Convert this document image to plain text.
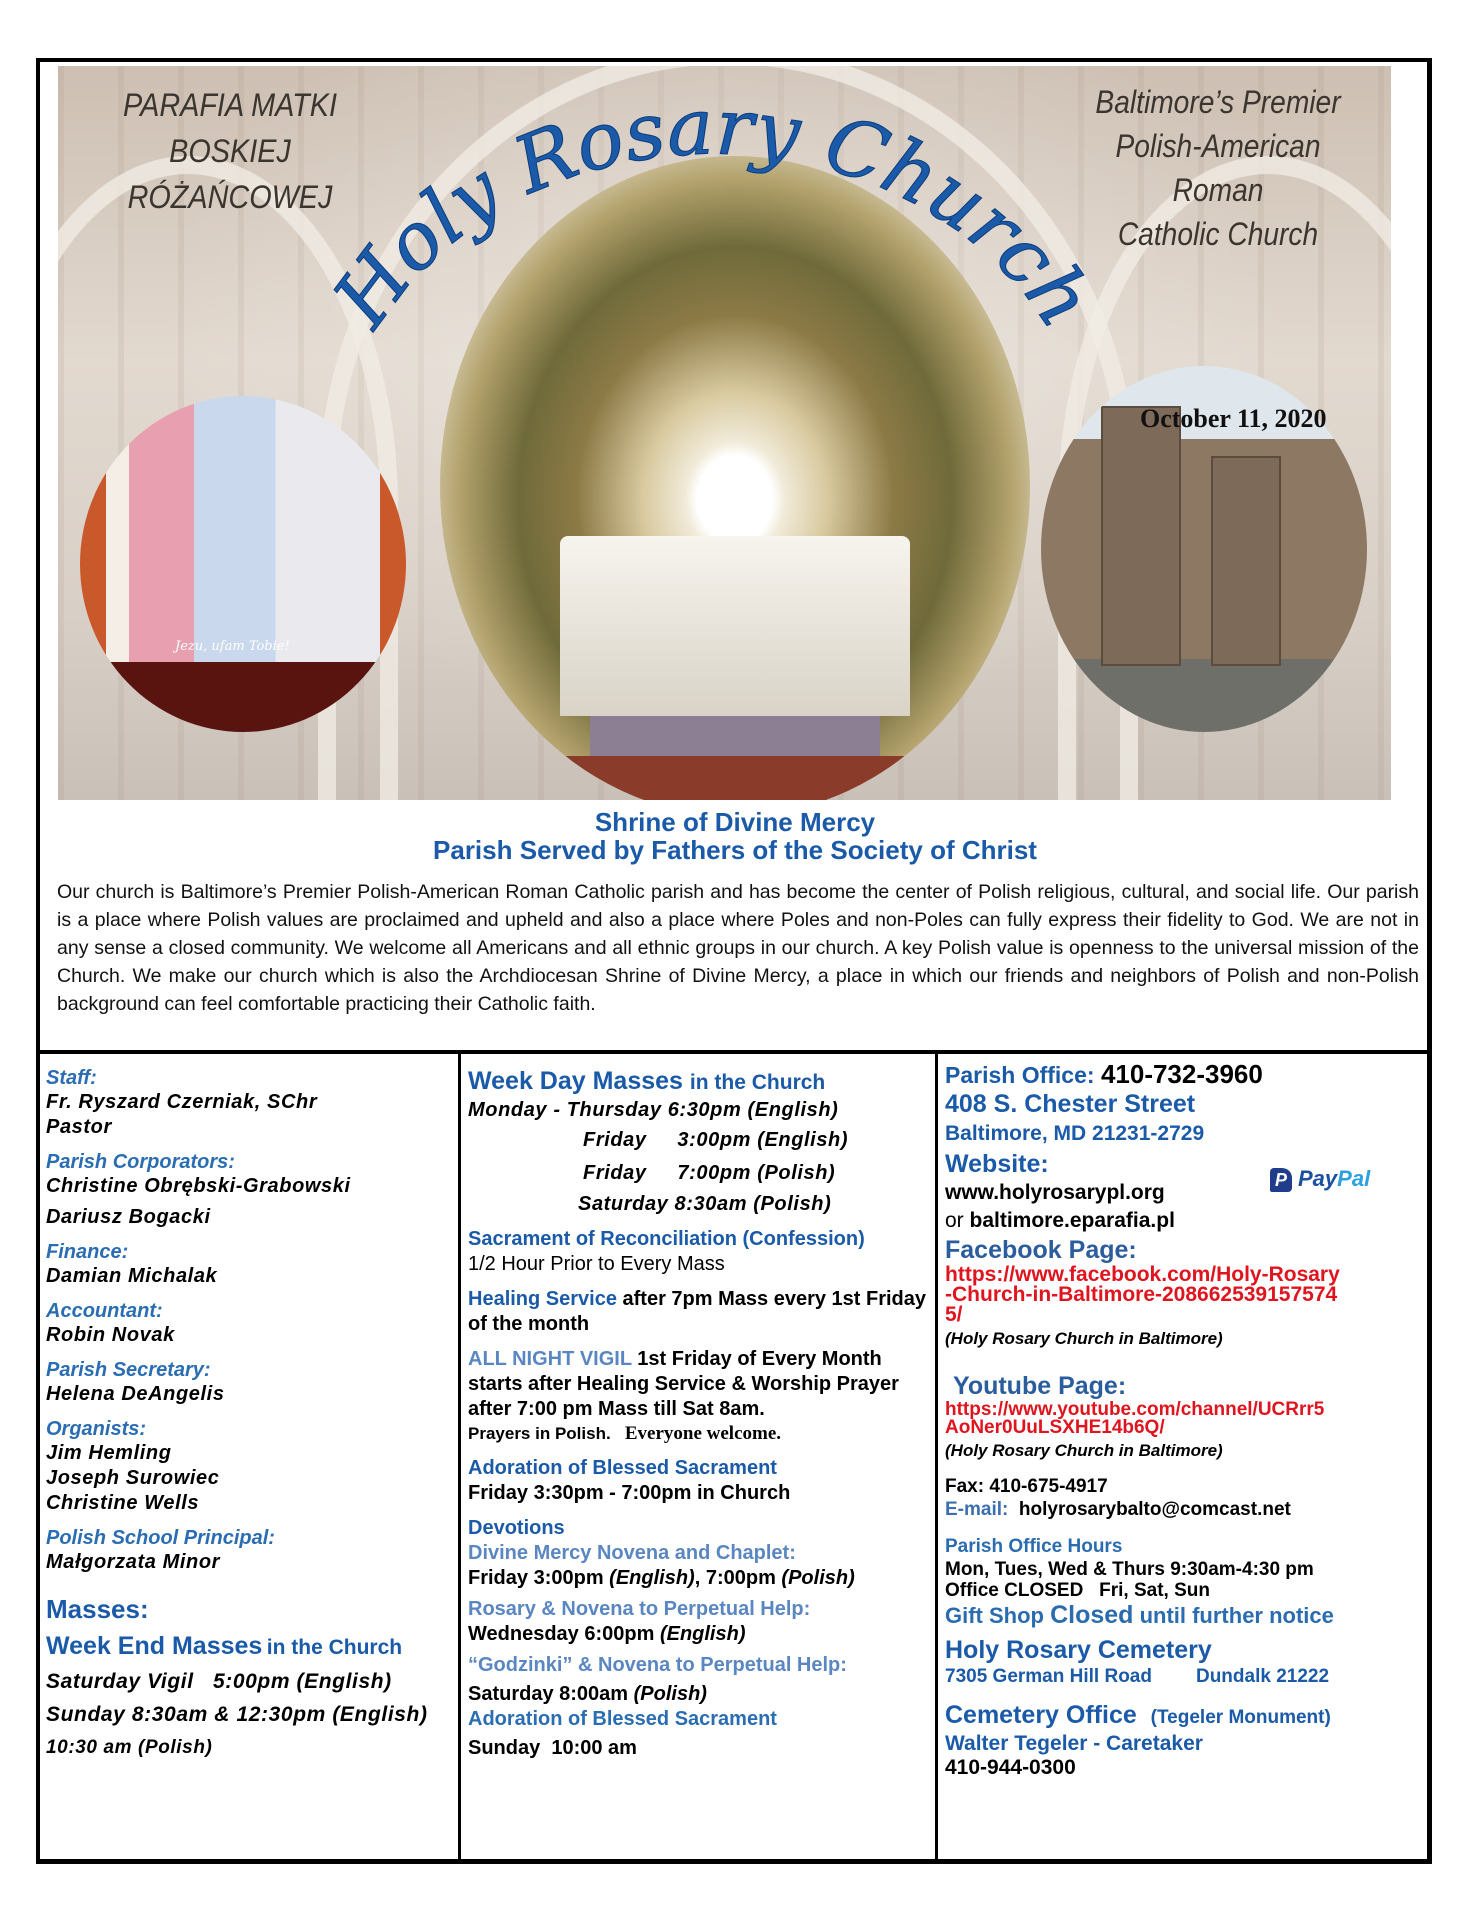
PARAFIA MATKI
BOSKIEJ
RÓŻAŃCOWEJ
Baltimore’s Premier
Polish-American
Roman
Catholic Church
Jezu, ufam Tobie!
October 11, 2020
Holy Rosary Church
Shrine of Divine Mercy
Parish Served by Fathers of the Society of Christ
Our church is Baltimore’s Premier Polish-American Roman Catholic parish and has become the center of Polish religious, cultural, and social life. Our parish is a place where Polish values are proclaimed and upheld and also a place where Poles and non-Poles can fully express their fidelity to God. We are not in any sense a closed community. We welcome all Americans and all ethnic groups in our church. A key Polish value is openness to the universal mission of the Church. We make our church which is also the Archdiocesan Shrine of Divine Mercy, a place in which our friends and neighbors of Polish and non-Polish background can feel comfortable practicing their Catholic faith.
Staff:
Fr. Ryszard Czerniak, SChr
Pastor
Parish Corporators:
Christine Obrębski-Grabowski
Dariusz Bogacki
Finance:
Damian Michalak
Accountant:
Robin Novak
Parish Secretary:
Helena DeAngelis
Organists:
Jim Hemling
Joseph Surowiec
Christine Wells
Polish School Principal:
Małgorzata Minor
Masses:
Week End Masses in the Church
Saturday Vigil   5:00pm (English)
Sunday 8:30am & 12:30pm (English)
10:30 am (Polish)
Week Day Masses in the Church
Monday - Thursday 6:30pm (English)
Friday     3:00pm (English)
Friday     7:00pm (Polish)
Saturday 8:30am (Polish)
Sacrament of Reconciliation (Confession)
1/2 Hour Prior to Every Mass
Healing Service after 7pm Mass every 1st Friday of the month
ALL NIGHT VIGIL 1st Friday of Every Month
starts after Healing Service & Worship Prayer after 7:00 pm Mass till Sat 8am.
Prayers in Polish. Everyone welcome.
Adoration of Blessed Sacrament
Friday 3:30pm - 7:00pm in Church
Devotions
Divine Mercy Novena and Chaplet:
Friday 3:00pm (English), 7:00pm (Polish)
Rosary & Novena to Perpetual Help:
Wednesday 6:00pm (English)
“Godzinki” & Novena to Perpetual Help:
Saturday 8:00am (Polish)
Adoration of Blessed Sacrament
Sunday  10:00 am
Parish Office: 410-732-3960
408 S. Chester Street
Baltimore, MD 21231-2729
Website:
www.holyrosarypl.org
or baltimore.eparafia.pl
Facebook Page:
https://www.facebook.com/Holy-Rosary-Church-in-Baltimore-2086625391575745/
(Holy Rosary Church in Baltimore)
Youtube Page:
https://www.youtube.com/channel/UCRrr5AoNer0UuLSXHE14b6Q/
(Holy Rosary Church in Baltimore)
Fax: 410-675-4917
E-mail: holyrosarybalto@comcast.net
Parish Office Hours
Mon, Tues, Wed & Thurs 9:30am-4:30 pm
Office CLOSED   Fri, Sat, Sun
Gift Shop Closed until further notice
Holy Rosary Cemetery
7305 German Hill Road Dundalk 21222
Cemetery Office (Tegeler Monument)
Walter Tegeler - Caretaker
410-944-0300
P PayPal
